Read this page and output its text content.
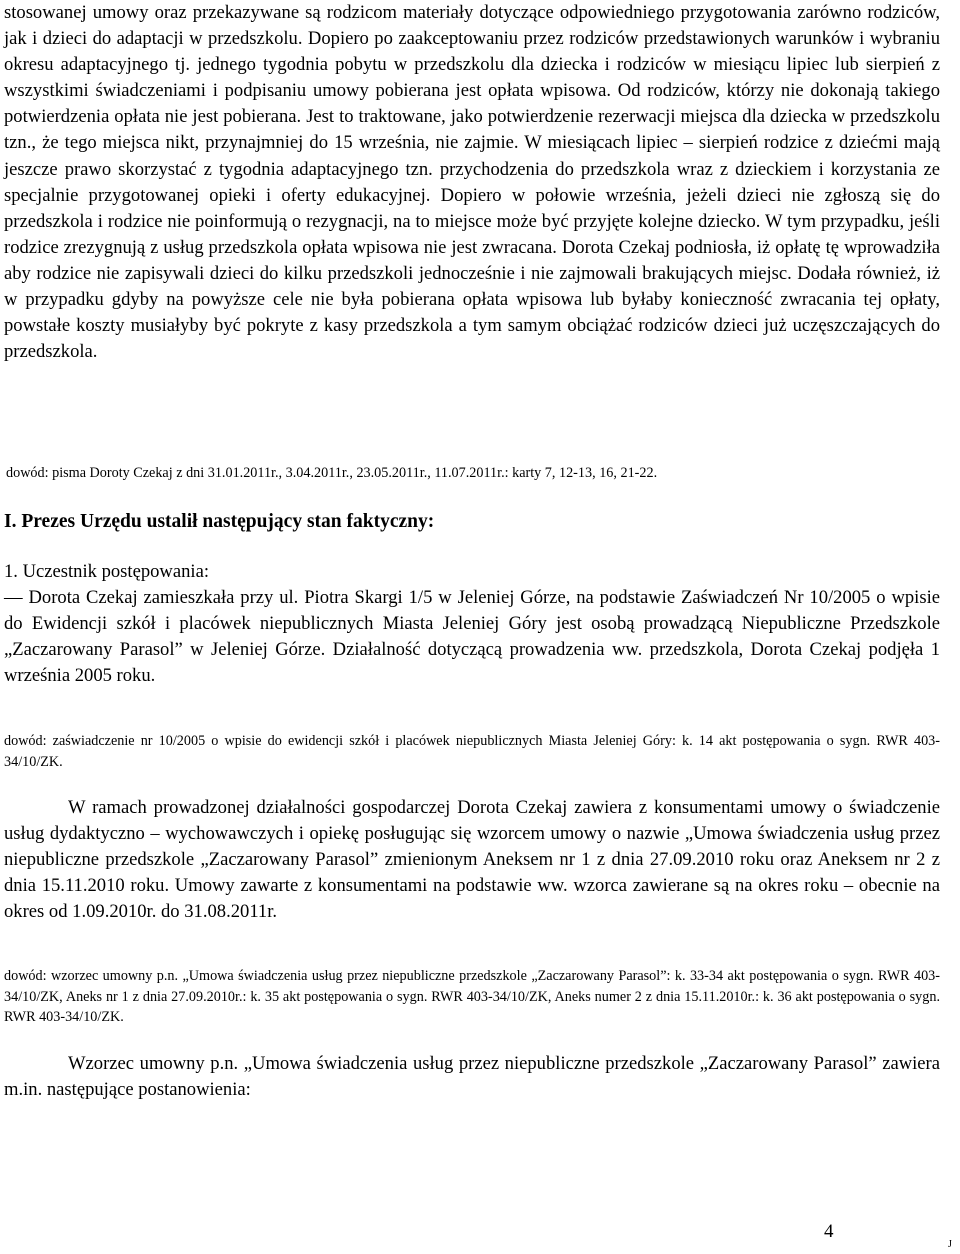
stosowanej umowy oraz przekazywane są rodzicom materiały dotyczące odpowiedniego przygotowania zarówno rodziców, jak i dzieci do adaptacji w przedszkolu. Dopiero po zaakceptowaniu przez rodziców przedstawionych warunków i wybraniu okresu adaptacyjnego tj. jednego tygodnia pobytu w przedszkolu dla dziecka i rodziców w miesiącu lipiec lub sierpień z wszystkimi świadczeniami i podpisaniu umowy pobierana jest opłata wpisowa. Od rodziców, którzy nie dokonają takiego potwierdzenia opłata nie jest pobierana. Jest to traktowane, jako potwierdzenie rezerwacji miejsca dla dziecka w przedszkolu tzn., że tego miejsca nikt, przynajmniej do 15 września, nie zajmie. W miesiącach lipiec – sierpień rodzice z dziećmi mają jeszcze prawo skorzystać z tygodnia adaptacyjnego tzn. przychodzenia do przedszkola wraz z dzieckiem i korzystania ze specjalnie przygotowanej opieki i oferty edukacyjnej. Dopiero w połowie września, jeżeli dzieci nie zgłoszą się do przedszkola i rodzice nie poinformują o rezygnacji, na to miejsce może być przyjęte kolejne dziecko. W tym przypadku, jeśli rodzice zrezygnują z usług przedszkola opłata wpisowa nie jest zwracana. Dorota Czekaj podniosła, iż opłatę tę wprowadziła aby rodzice nie zapisywali dzieci do kilku przedszkoli jednocześnie i nie zajmowali brakujących miejsc. Dodała również, iż w przypadku gdyby na powyższe cele nie była pobierana opłata wpisowa lub byłaby konieczność zwracania tej opłaty, powstałe koszty musiałyby być pokryte z kasy przedszkola a tym samym obciążać rodziców dzieci już uczęszczających do przedszkola.

dowód: pisma Doroty Czekaj z dni 31.01.2011r., 3.04.2011r., 23.05.2011r., 11.07.2011r.: karty 7, 12-13, 16, 21-22.

I. Prezes Urzędu ustalił następujący stan faktyczny:

1. Uczestnik postępowania:

— Dorota Czekaj zamieszkała przy ul. Piotra Skargi 1/5 w Jeleniej Górze, na podstawie Zaświadczeń Nr 10/2005 o wpisie do Ewidencji szkół i placówek niepublicznych Miasta Jeleniej Góry jest osobą prowadzącą Niepubliczne Przedszkole „Zaczarowany Parasol” w Jeleniej Górze. Działalność dotyczącą prowadzenia ww. przedszkola, Dorota Czekaj podjęła 1 września 2005 roku.

dowód: zaświadczenie nr 10/2005 o wpisie do ewidencji szkół i placówek niepublicznych Miasta Jeleniej Góry: k. 14 akt postępowania o sygn. RWR 403-34/10/ZK.

W ramach prowadzonej działalności gospodarczej Dorota Czekaj zawiera z konsumentami umowy o świadczenie usług dydaktyczno – wychowawczych i opiekę posługując się wzorcem umowy o nazwie „Umowa świadczenia usług przez niepubliczne przedszkole „Zaczarowany Parasol” zmienionym Aneksem nr 1 z dnia 27.09.2010 roku oraz Aneksem nr 2 z dnia 15.11.2010 roku. Umowy zawarte z konsumentami na podstawie ww. wzorca zawierane są na okres roku – obecnie na okres od 1.09.2010r. do 31.08.2011r.

dowód: wzorzec umowny p.n. „Umowa świadczenia usług przez niepubliczne przedszkole „Zaczarowany Parasol”: k. 33-34 akt postępowania o sygn. RWR 403-34/10/ZK, Aneks nr 1 z dnia 27.09.2010r.: k. 35 akt postępowania o sygn. RWR 403-34/10/ZK, Aneks numer 2 z dnia 15.11.2010r.: k. 36 akt postępowania o sygn. RWR 403-34/10/ZK.

Wzorzec umowny p.n. „Umowa świadczenia usług przez niepubliczne przedszkole „Zaczarowany Parasol” zawiera m.in. następujące postanowienia:

4
J
